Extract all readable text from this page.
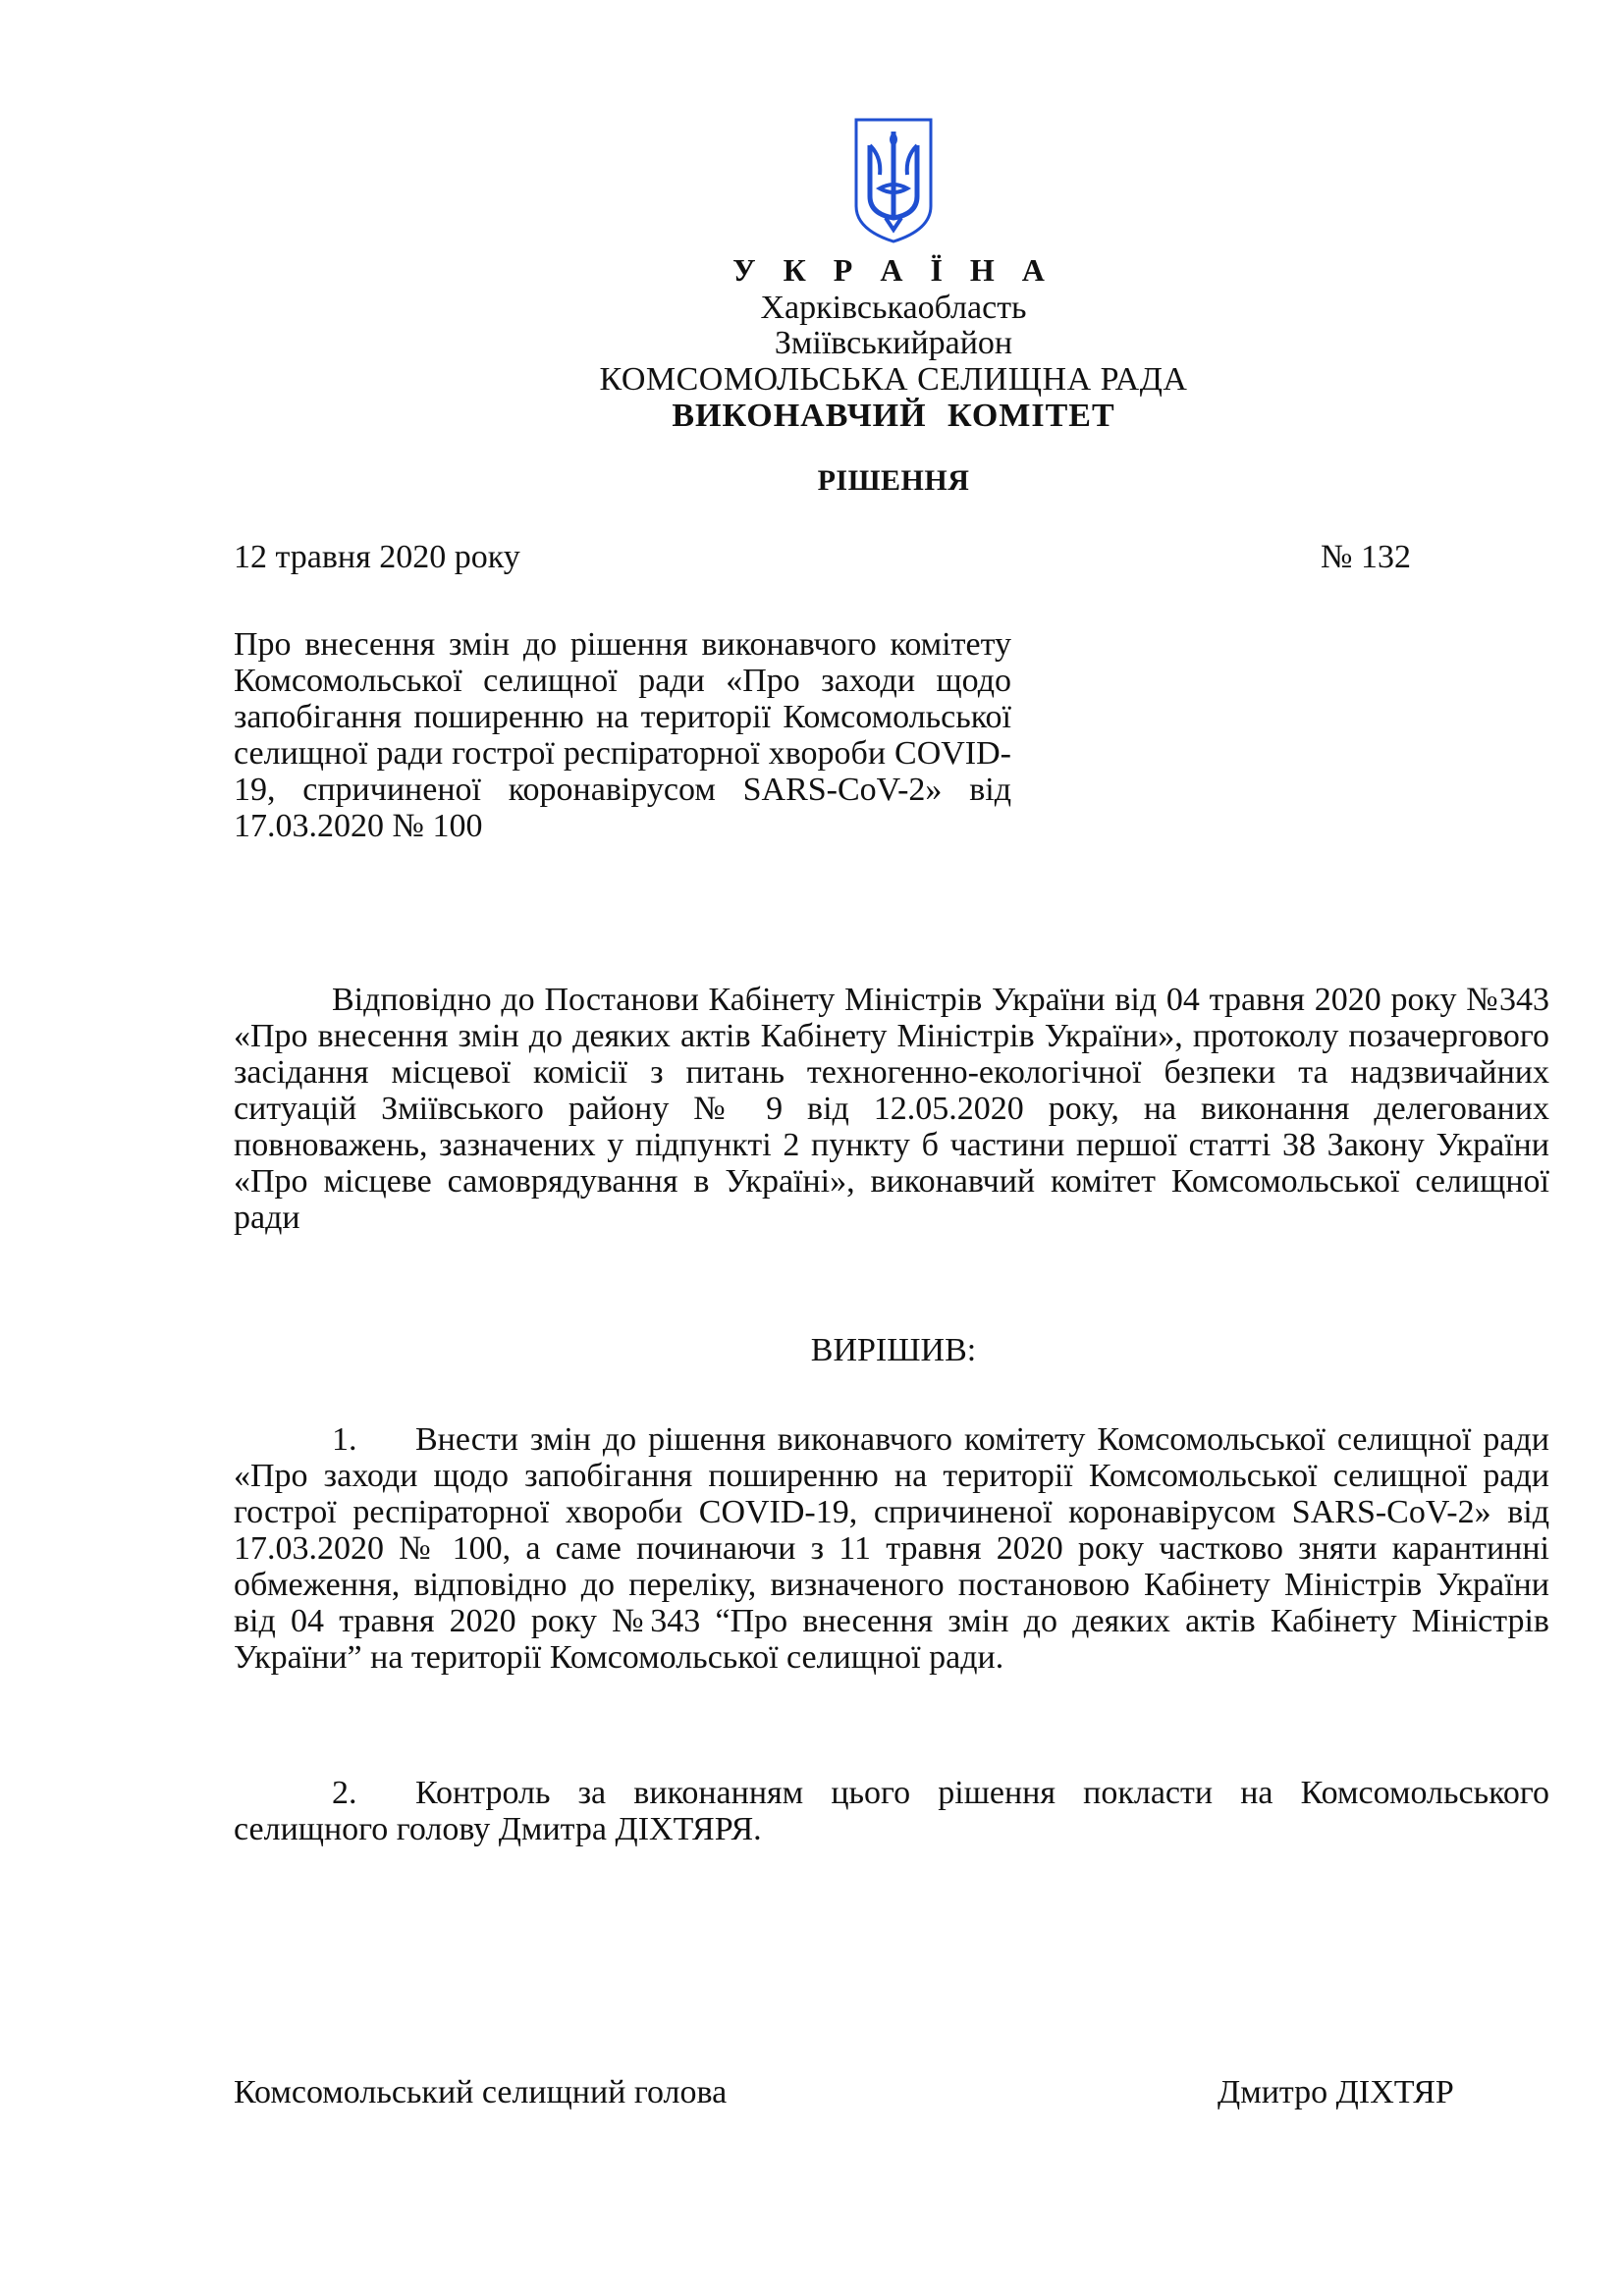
У К Р А Ї Н А
Харківськаобласть
Зміївськийрайон
КОМСОМОЛЬСЬКА СЕЛИЩНА РАДА
ВИКОНАВЧИЙ КОМІТЕТ
РІШЕННЯ
12 травня 2020 року	№ 132
Про внесення змін до рішення виконавчого комітету Комсомольської селищної ради «Про заходи щодо запобігання поширенню на території Комсомольської селищної ради гострої респіраторної хвороби COVID-19, спричиненої коронавірусом SARS-CoV-2» від 17.03.2020 № 100

Відповідно до Постанови Кабінету Міністрів України від 04 травня 2020 року №343 «Про внесення змін до деяких актів Кабінету Міністрів України», протоколу позачергового засідання місцевої комісії з питань техногенно-екологічної безпеки та надзвичайних ситуацій Зміївського району № 9 від 12.05.2020 року, на виконання делегованих повноважень, зазначених у підпункті 2 пункту б частини першої статті 38 Закону України «Про місцеве самоврядування в Україні», виконавчий комітет Комсомольської селищної ради

ВИРІШИВ:

1. Внести змін до рішення виконавчого комітету Комсомольської селищної ради «Про заходи щодо запобігання поширенню на території Комсомольської селищної ради гострої респіраторної хвороби COVID-19, спричиненої коронавірусом SARS-CoV-2» від 17.03.2020 № 100, а саме починаючи з 11 травня 2020 року частково зняти карантинні обмеження, відповідно до переліку, визначеного постановою Кабінету Міністрів України від 04 травня 2020 року №343 “Про внесення змін до деяких актів Кабінету Міністрів України” на території Комсомольської селищної ради.

2. Контроль за виконанням цього рішення покласти на Комсомольського селищного голову Дмитра ДІХТЯРЯ.

Комсомольський селищний голова	Дмитро ДІХТЯР
